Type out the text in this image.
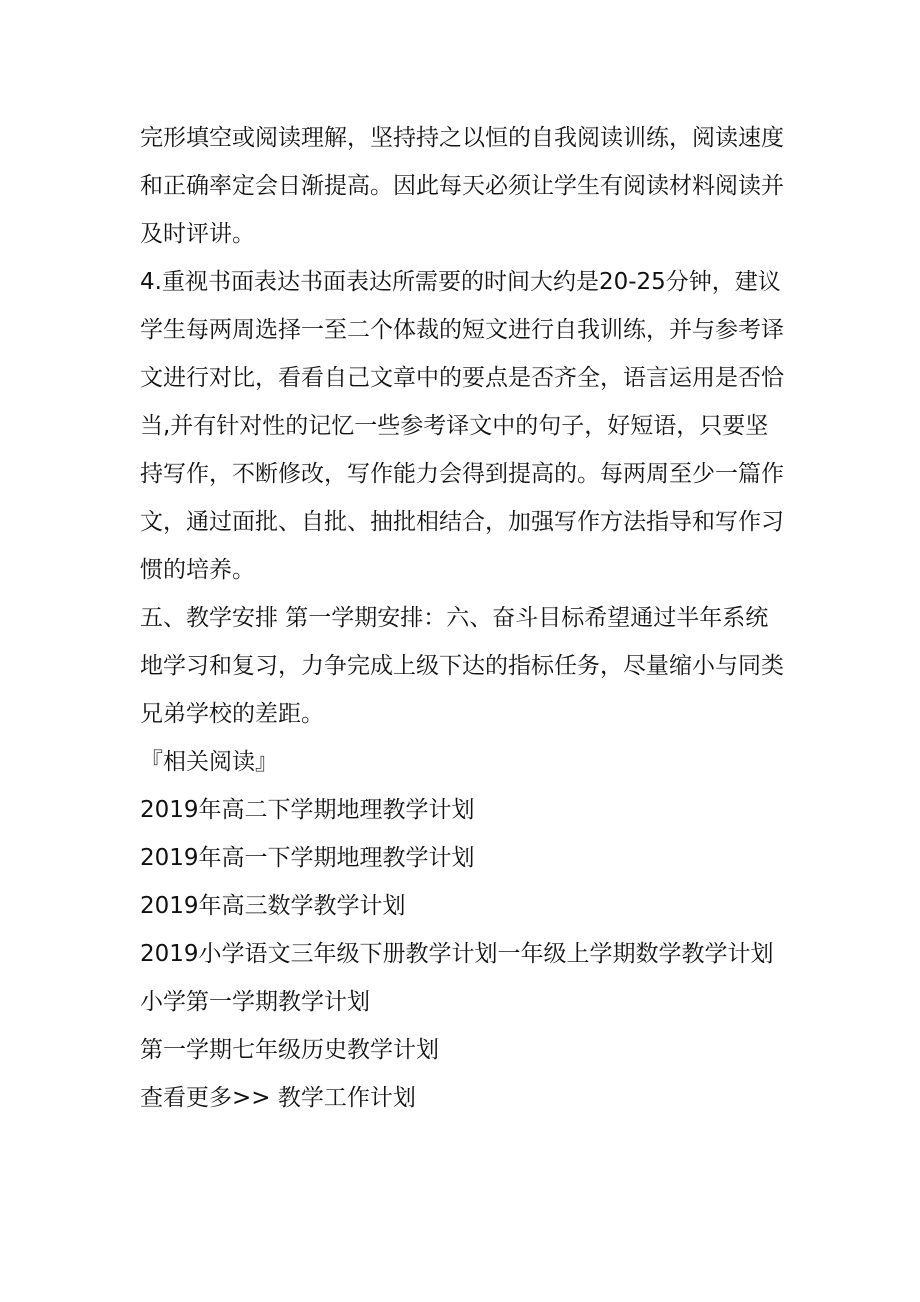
完形填空或阅读理解，坚持持之以恒的自我阅读训练，阅读速度和正确率定会日渐提高。因此每天必须让学生有阅读材料阅读并及时评讲。

4.重视书面表达书面表达所需要的时间大约是20-25分钟，建议学生每两周选择一至二个体裁的短文进行自我训练，并与参考译文进行对比，看看自己文章中的要点是否齐全，语言运用是否恰当,并有针对性的记忆一些参考译文中的句子，好短语，只要坚持写作，不断修改，写作能力会得到提高的。每两周至少一篇作文，通过面批、自批、抽批相结合，加强写作方法指导和写作习惯的培养。

五、教学安排 第一学期安排：六、奋斗目标希望通过半年系统地学习和复习，力争完成上级下达的指标任务，尽量缩小与同类兄弟学校的差距。

『相关阅读』

2019年高二下学期地理教学计划
2019年高一下学期地理教学计划
2019年高三数学教学计划
2019小学语文三年级下册教学计划一年级上学期数学教学计划
小学第一学期教学计划
第一学期七年级历史教学计划
查看更多>> 教学工作计划
